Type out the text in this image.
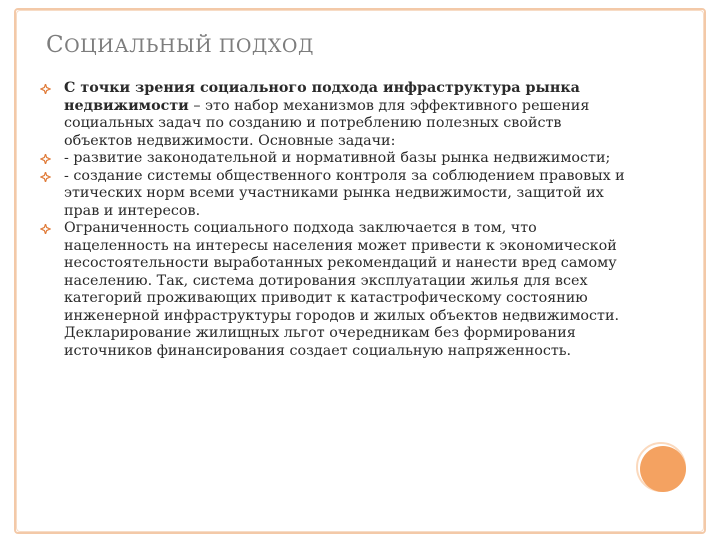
СОЦИАЛЬНЫЙ ПОДХОД

С точки зрения социального подхода инфраструктура рынка недвижимости – это набор механизмов для эффективного решения социальных задач по созданию и потреблению полезных свойств объектов недвижимости. Основные задачи:

- развитие законодательной и нормативной базы рынка недвижимости;

- создание системы общественного контроля за соблюдением правовых и этических норм всеми участниками рынка недвижимости, защитой их прав и интересов.

Ограниченность социального подхода заключается в том, что нацеленность на интересы населения может привести к экономической несостоятельности выработанных рекомендаций и нанести вред самому населению. Так, система дотирования эксплуатации жилья для всех категорий проживающих приводит к катастрофическому состоянию инженерной инфраструктуры городов и жилых объектов недвижимости. Декларирование жилищных льгот очередникам без формирования источников финансирования создает социальную напряженность.
